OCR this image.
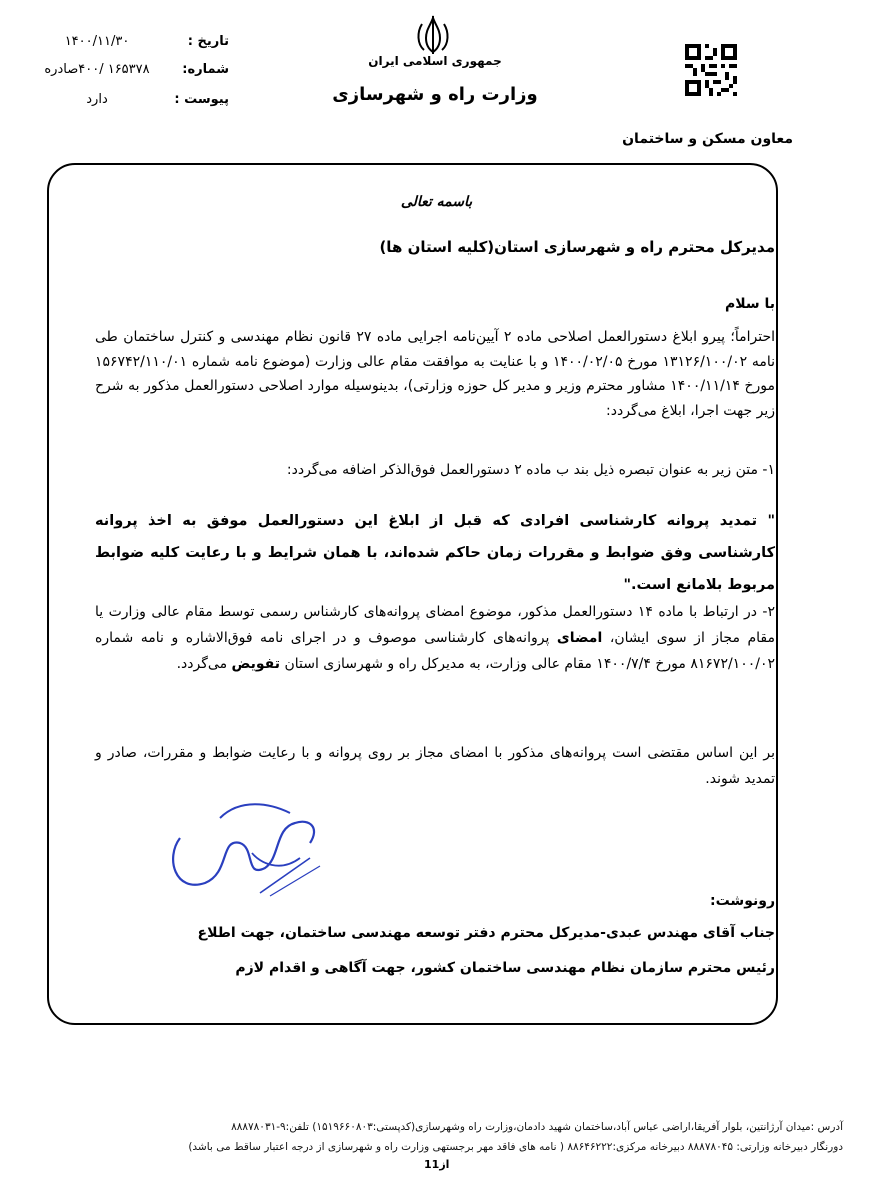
جمهوری اسلامی ایران
وزارت راه و شهرسازی
تاریخ :۱۴۰۰/۱۱/۳۰
شماره:۱۶۵۳۷۸ /۴۰۰صادره
پیوست :دارد
معاون مسکن و ساختمان
باسمه تعالی
مدیرکل محترم راه و شهرسازی استان(کلیه استان ها)
با سلام
احتراماً؛ پیرو ابلاغ دستورالعمل اصلاحی ماده ۲ آیین‌نامه اجرایی ماده ۲۷ قانون نظام مهندسی و کنترل ساختمان طی نامه ۱۳۱۲۶/۱۰۰/۰۲ مورخ ۱۴۰۰/۰۲/۰۵ و با عنایت به موافقت مقام عالی وزارت (موضوع نامه شماره ۱۵۶۷۴۲/۱۱۰/۰۱ مورخ ۱۴۰۰/۱۱/۱۴ مشاور محترم وزیر و مدیر کل حوزه وزارتی)، بدینوسیله موارد اصلاحی دستورالعمل مذکور به شرح زیر جهت اجرا، ابلاغ می‌گردد:
۱- متن زیر به عنوان تبصره ذیل بند ب ماده ۲ دستورالعمل فوق‌الذکر اضافه می‌گردد:
" تمدید پروانه کارشناسی افرادی که قبل از ابلاغ این دستورالعمل موفق به اخذ پروانه کارشناسی وفق ضوابط و مقررات زمان حاکم شده‌اند، با همان شرایط و با رعایت کلیه ضوابط مربوط بلامانع است."
۲- در ارتباط با ماده ۱۴ دستورالعمل مذکور، موضوع امضای پروانه‌های کارشناس رسمی توسط مقام عالی وزارت یا مقام مجاز از سوی ایشان، امضای پروانه‌های کارشناسی موصوف و در اجرای نامه فوق‌الاشاره و نامه شماره ۸۱۶۷۲/۱۰۰/۰۲ مورخ ۱۴۰۰/۷/۴ مقام عالی وزارت، به مدیرکل راه و شهرسازی استان تفویض می‌گردد.
بر این اساس مقتضی است پروانه‌های مذکور با امضای مجاز بر روی پروانه و با رعایت ضوابط و مقررات، صادر و تمدید شوند.
رونوشت:
جناب آقای مهندس عبدی-مدیرکل محترم دفتر توسعه مهندسی ساختمان، جهت اطلاع
رئیس محترم سازمان نظام مهندسی ساختمان کشور، جهت آگاهی و اقدام لازم
آدرس :میدان آرژانتین، بلوار آفریقا،اراضی عباس آباد،ساختمان شهید دادمان،وزارت راه وشهرسازی(کدپستی:۱۵۱۹۶۶۰۸۰۳) تلفن:۹-۸۸۸۷۸۰۳۱
دورنگار دبیرخانه وزارتی: ۸۸۸۷۸۰۴۵ دبیرخانه مرکزی:۸۸۶۴۶۲۲۲ ( نامه های فاقد مهر برجستهی وزارت راه و شهرسازی از درجه اعتبار ساقط می باشد)
1از1
